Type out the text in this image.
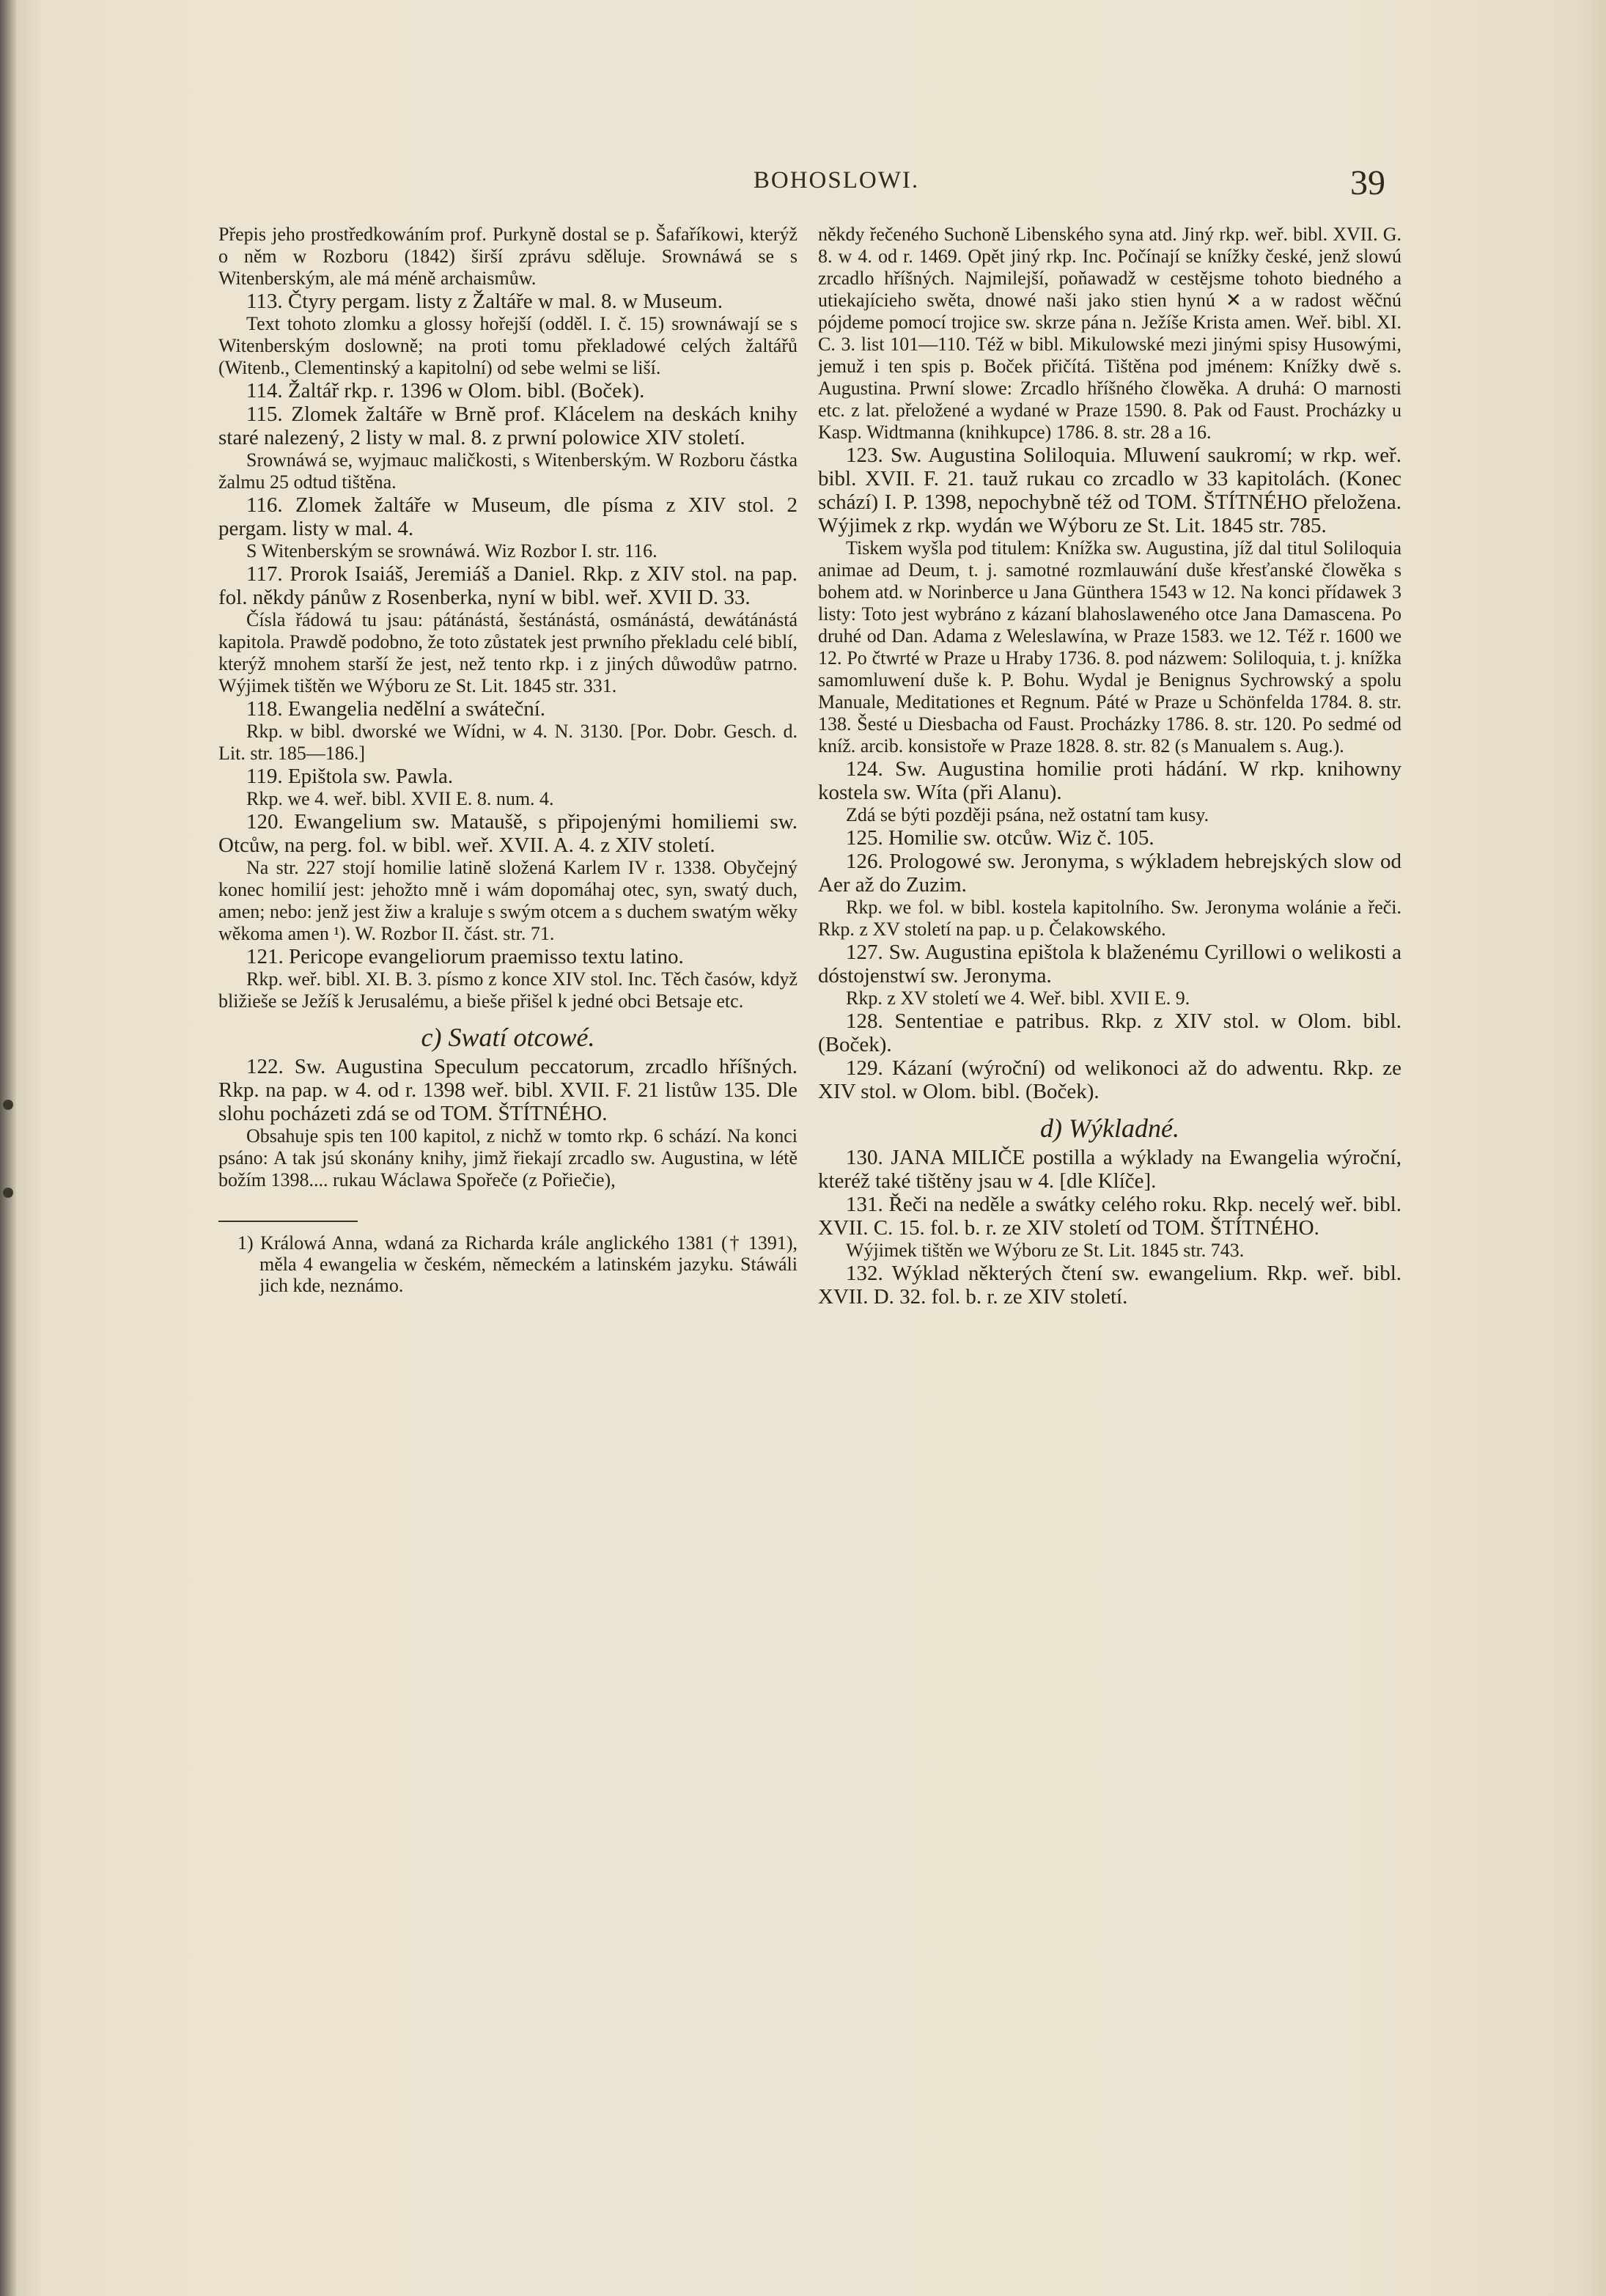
BOHOSLOWI.	39

Přepis jeho prostředkowáním prof. Purkyně dostal se p. Šafaříkowi, kterýž o něm w Rozboru (1842) širší zprávu sděluje. Srownáwá se s Witenberským, ale má méně archaismůw.

113. Čtyry pergam. listy z Žaltáře w mal. 8. w Museum.

Text tohoto zlomku a glossy hořejší (odděl. I. č. 15) srownáwají se s Witenberským doslowně; na proti tomu překladowé celých žaltářů (Witenb., Clementinský a kapitolní) od sebe welmi se liší.

114. Žaltář rkp. r. 1396 w Olom. bibl. (Boček).

115. Zlomek žaltáře w Brně prof. Klácelem na deskách knihy staré nalezený, 2 listy w mal. 8. z prwní polowice XIV století.

Srownáwá se, wyjmauc maličkosti, s Witenberským. W Rozboru částka žalmu 25 odtud tištěna.

116. Zlomek žaltáře w Museum, dle písma z XIV stol. 2 pergam. listy w mal. 4.

S Witenberským se srownáwá. Wiz Rozbor I. str. 116.

117. Prorok Isaiáš, Jeremiáš a Daniel. Rkp. z XIV stol. na pap. fol. někdy pánůw z Rosenberka, nyní w bibl. weř. XVII D. 33.

Čísla řádowá tu jsau: pátánástá, šestánástá, osmánástá, dewátánástá kapitola. Prawdě podobno, že toto zůstatek jest prwního překladu celé biblí, kterýž mnohem starší že jest, než tento rkp. i z jiných důwodůw patrno. Wýjimek tištěn we Wýboru ze St. Lit. 1845 str. 331.

118. Ewangelia nedělní a swáteční.

Rkp. w bibl. dworské we Wídni, w 4. N. 3130. [Por. Dobr. Gesch. d. Lit. str. 185—186.]

119. Epištola sw. Pawla.

Rkp. we 4. weř. bibl. XVII E. 8. num. 4.

120. Ewangelium sw. Mataušě, s připojenými homiliemi sw. Otcůw, na perg. fol. w bibl. weř. XVII. A. 4. z XIV století.

Na str. 227 stojí homilie latině složená Karlem IV r. 1338. Obyčejný konec homilií jest: jehožto mně i wám dopomáhaj otec, syn, swatý duch, amen; nebo: jenž jest žiw a kraluje s swým otcem a s duchem swatým wěky wěkoma amen ¹). W. Rozbor II. část. str. 71.

121. Pericope evangeliorum praemisso textu latino.

Rkp. weř. bibl. XI. B. 3. písmo z konce XIV stol. Inc. Těch časów, když bližieše se Ježíš k Jerusalému, a bieše přišel k jedné obci Betsaje etc.

c) Swatí otcowé.

122. Sw. Augustina Speculum peccatorum, zrcadlo hříšných. Rkp. na pap. w 4. od r. 1398 weř. bibl. XVII. F. 21 listůw 135. Dle slohu pocházeti zdá se od TOM. ŠTÍTNÉHO.

Obsahuje spis ten 100 kapitol, z nichž w tomto rkp. 6 schází. Na konci psáno: A tak jsú skonány knihy, jimž řiekají zrcadlo sw. Augustina, w létě božím 1398.... rukau Wáclawa Spořeče (z Pořiečie),

1) Králowá Anna, wdaná za Richarda krále anglického 1381 († 1391), měla 4 ewangelia w českém, německém a latinském jazyku. Stáwáli jich kde, neznámo.

někdy řečeného Suchoně Libenského syna atd. Jiný rkp. weř. bibl. XVII. G. 8. w 4. od r. 1469. Opět jiný rkp. Inc. Počínají se knížky české, jenž slowú zrcadlo hříšných. Najmilejší, poňawadž w cestějsme tohoto biedného a utiekajícieho swěta, dnowé naši jako stien hynú ✕ a w radost wěčnú pójdeme pomocí trojice sw. skrze pána n. Ježíše Krista amen. Weř. bibl. XI. C. 3. list 101—110. Též w bibl. Mikulowské mezi jinými spisy Husowými, jemuž i ten spis p. Boček přičítá. Tištěna pod jménem: Knížky dwě s. Augustina. Prwní slowe: Zrcadlo hříšného člowěka. A druhá: O marnosti etc. z lat. přeložené a wydané w Praze 1590. 8. Pak od Faust. Procházky u Kasp. Widtmanna (knihkupce) 1786. 8. str. 28 a 16.

123. Sw. Augustina Soliloquia. Mluwení saukromí; w rkp. weř. bibl. XVII. F. 21. tauž rukau co zrcadlo w 33 kapitolách. (Konec schází) I. P. 1398, nepochybně též od TOM. ŠTÍTNÉHO přeložena. Wýjimek z rkp. wydán we Wýboru ze St. Lit. 1845 str. 785.

Tiskem wyšla pod titulem: Knížka sw. Augustina, jíž dal titul Soliloquia animae ad Deum, t. j. samotné rozmlauwání duše křesťanské člowěka s bohem atd. w Norinberce u Jana Günthera 1543 w 12. Na konci přídawek 3 listy: Toto jest wybráno z kázaní blahoslaweného otce Jana Damascena. Po druhé od Dan. Adama z Weleslawína, w Praze 1583. we 12. Též r. 1600 we 12. Po čtwrté w Praze u Hraby 1736. 8. pod názwem: Soliloquia, t. j. knížka samomluwení duše k. P. Bohu. Wydal je Benignus Sychrowský a spolu Manuale, Meditationes et Regnum. Páté w Praze u Schönfelda 1784. 8. str. 138. Šesté u Diesbacha od Faust. Procházky 1786. 8. str. 120. Po sedmé od kníž. arcib. konsistoře w Praze 1828. 8. str. 82 (s Manualem s. Aug.).

124. Sw. Augustina homilie proti hádání. W rkp. knihowny kostela sw. Wíta (při Alanu).

Zdá se býti později psána, než ostatní tam kusy.

125. Homilie sw. otcůw. Wiz č. 105.

126. Prologowé sw. Jeronyma, s wýkladem hebrejských slow od Aer až do Zuzim.

Rkp. we fol. w bibl. kostela kapitolního. Sw. Jeronyma wolánie a řeči. Rkp. z XV století na pap. u p. Čelakowského.

127. Sw. Augustina epištola k blaženému Cyrillowi o welikosti a dóstojenstwí sw. Jeronyma.

Rkp. z XV století we 4. Weř. bibl. XVII E. 9.

128. Sententiae e patribus. Rkp. z XIV stol. w Olom. bibl. (Boček).

129. Kázaní (wýroční) od welikonoci až do adwentu. Rkp. ze XIV stol. w Olom. bibl. (Boček).

d) Wýkladné.

130. JANA MILIČE postilla a wýklady na Ewangelia wýroční, kteréž také tištěny jsau w 4. [dle Klíče].

131. Řeči na neděle a swátky celého roku. Rkp. necelý weř. bibl. XVII. C. 15. fol. b. r. ze XIV století od TOM. ŠTÍTNÉHO.

Wýjimek tištěn we Wýboru ze St. Lit. 1845 str. 743.

132. Wýklad některých čtení sw. ewangelium. Rkp. weř. bibl. XVII. D. 32. fol. b. r. ze XIV století.
